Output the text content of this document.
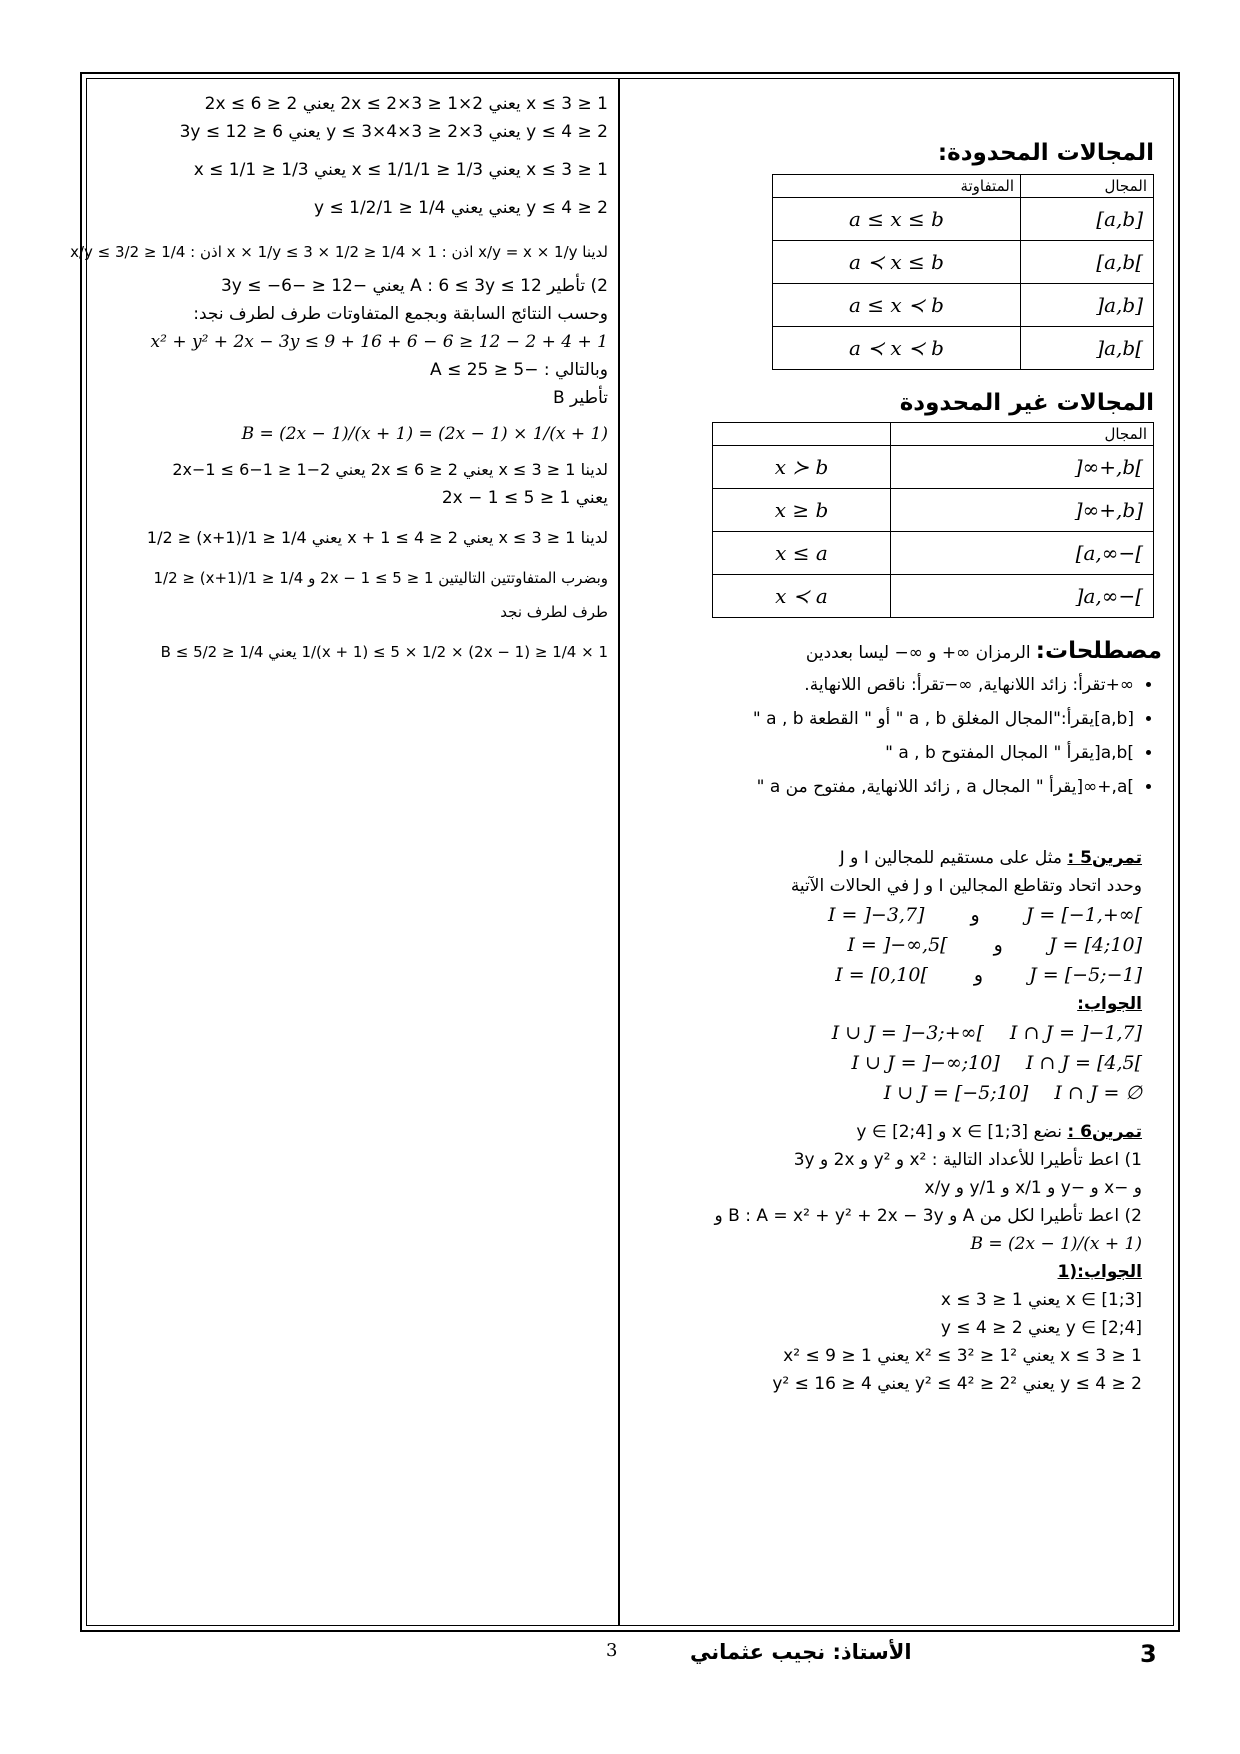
المجالات المحدودة:
المجال	المتفاوتة
[a,b]	a ≤ x ≤ b
]a,b]	a ≺ x ≤ b
[a,b[	a ≤ x ≺ b
]a,b[	a ≺ x ≺ b
المجالات غير المحدودة
المجال	
]b,+∞[	x ≻ b
[b,+∞[	x ≥ b
]−∞,a]	x ≤ a
]−∞,a[	x ≺ a
مصطلحات: الرمزان ∞+ و ∞− ليسا بعددين
• ∞+تقرأ: زائد اللانهاية, ∞−تقرأ: ناقص اللانهاية.
• [a,b]يقرأ:"المجال المغلق a , b " أو " القطعة a , b "
• ]a,b[يقرأ " المجال المفتوح a , b "
• ]a,+∞[يقرأ " المجال a , زائد اللانهاية, مفتوح من a "
تمرين5 : مثل على مستقيم للمجالين I و J
وحدد اتحاد وتقاطع المجالين I و J في الحالات الآتية
I = ]−3,7] و J = [−1,+∞[
I = ]−∞,5[ و J = [4;10]
I = [0,10[ و J = [−5;−1]
الجواب:
I ∪ J = ]−3;+∞[ I ∩ J = ]−1,7]
I ∪ J = ]−∞;10] I ∩ J = [4,5[
I ∪ J = [−5;10] I ∩ J = ∅
تمرين6 : نضع x ∈ [1;3] و y ∈ [2;4]
1) اعط تأطيرا للأعداد التالية : x² و y² و 2x و 3y
و −x و −y و 1/x و 1/y و x/y
2) اعط تأطيرا لكل من A و B : A = x² + y² + 2x − 3y و
B = (2x − 1)/(x + 1)
الجواب:(1
x ∈ [1;3] يعني 1 ≤ x ≤ 3
y ∈ [2;4] يعني 2 ≤ y ≤ 4
1 ≤ x ≤ 3 يعني 1² ≤ x² ≤ 3² يعني 1 ≤ x² ≤ 9
2 ≤ y ≤ 4 يعني 2² ≤ y² ≤ 4² يعني 4 ≤ y² ≤ 16
1 ≤ x ≤ 3 يعني 2×1 ≤ 2x ≤ 2×3 يعني 2 ≤ 2x ≤ 6
2 ≤ y ≤ 4 يعني 3×2 ≤ 3×y ≤ 3×4 يعني 6 ≤ 3y ≤ 12
1 ≤ x ≤ 3 يعني 1/3 ≤ 1/x ≤ 1/1 يعني 1/3 ≤ 1/x ≤ 1
2 ≤ y ≤ 4 يعني يعني 1/4 ≤ 1/y ≤ 1/2
لدينا x/y = x × 1/y اذن : 1 × 1/4 ≤ x × 1/y ≤ 3 × 1/2 اذن : 1/4 ≤ x/y ≤ 3/2
2) تأطير A : 6 ≤ 3y ≤ 12 يعني −12 ≤ −3y ≤ −6
وحسب النتائج السابقة وبجمع المتفاوتات طرف لطرف نجد:
1 + 4 + 2 − 12 ≤ x² + y² + 2x − 3y ≤ 9 + 16 + 6 − 6
وبالتالي : −5 ≤ A ≤ 25
تأطير B
B = (2x − 1)/(x + 1) = (2x − 1) × 1/(x + 1)
لدينا 1 ≤ x ≤ 3 يعني 2 ≤ 2x ≤ 6 يعني 2−1 ≤ 2x−1 ≤ 6−1
يعني 1 ≤ 2x − 1 ≤ 5
لدينا 1 ≤ x ≤ 3 يعني 2 ≤ x + 1 ≤ 4 يعني 1/4 ≤ 1/(x+1) ≤ 1/2
وبضرب المتفاوتتين التاليتين 1 ≤ 2x − 1 ≤ 5 و 1/4 ≤ 1/(x+1) ≤ 1/2
طرف لطرف نجد
1 × 1/4 ≤ (2x − 1) × 1/(x + 1) ≤ 5 × 1/2 يعني 1/4 ≤ B ≤ 5/2
3
الأستاذ: نجيب عثماني
3
